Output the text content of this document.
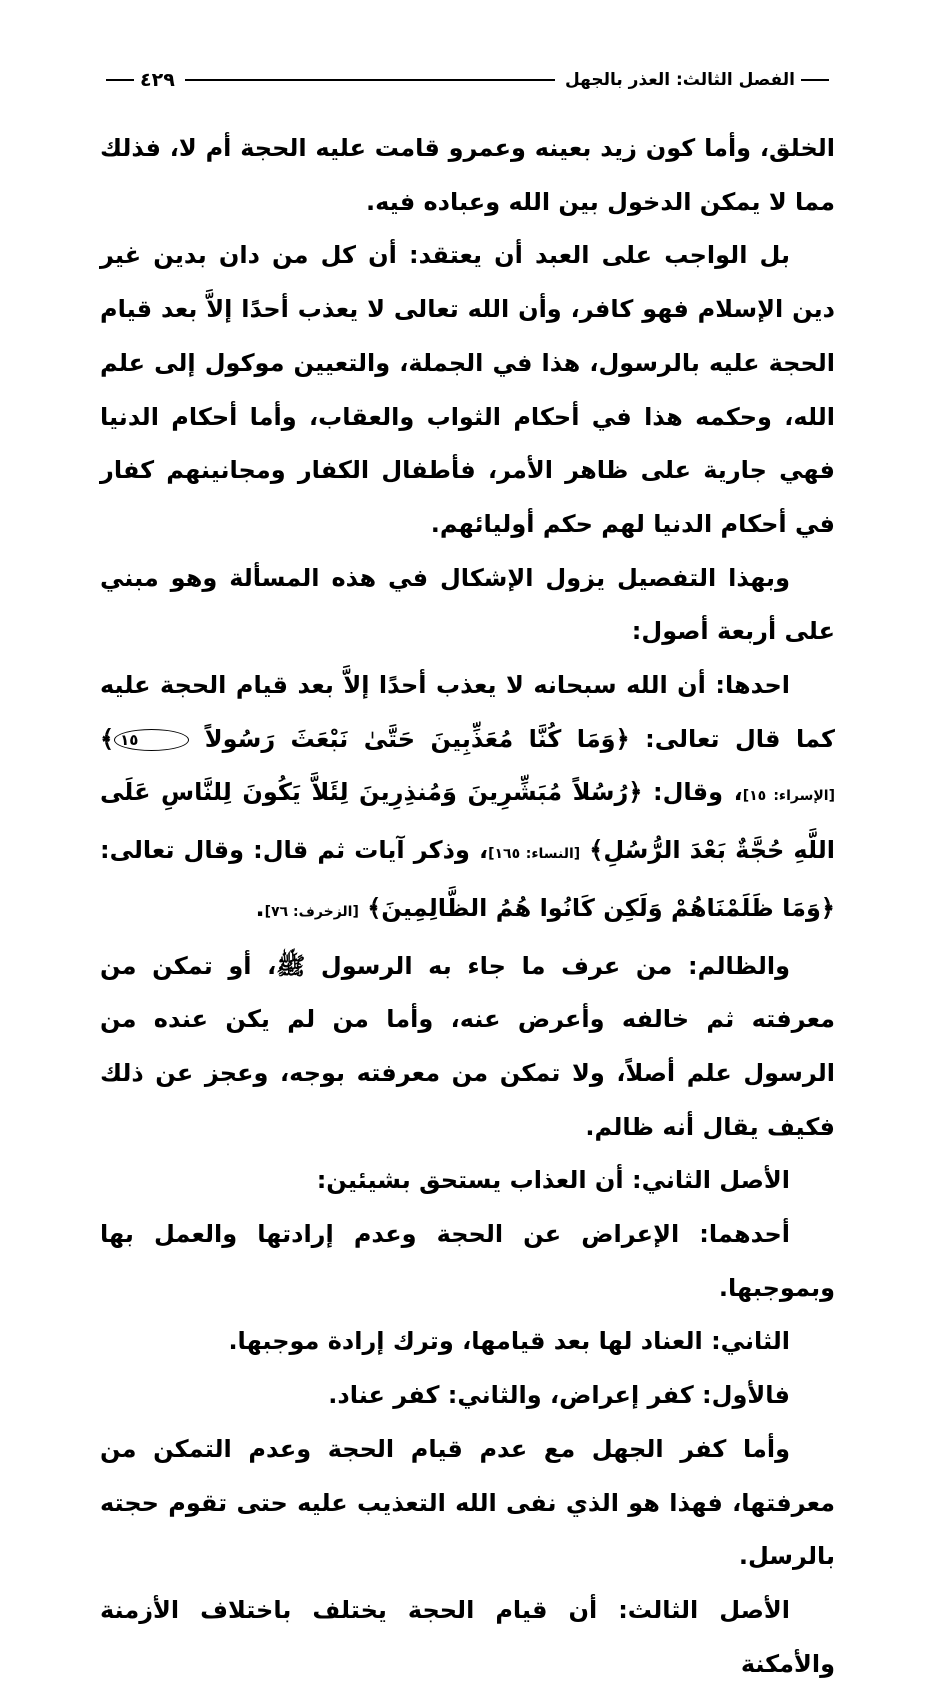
الفصل الثالث: العذر بالجهل
٤٢٩

الخلق، وأما كون زيد بعينه وعمرو قامت عليه الحجة أم لا، فذلك مما لا يمكن الدخول بين الله وعباده فيه.

بل الواجب على العبد أن يعتقد: أن كل من دان بدين غير دين الإسلام فهو كافر، وأن الله تعالى لا يعذب أحدًا إلاَّ بعد قيام الحجة عليه بالرسول، هذا في الجملة، والتعيين موكول إلى علم الله، وحكمه هذا في أحكام الثواب والعقاب، وأما أحكام الدنيا فهي جارية على ظاهر الأمر، فأطفال الكفار ومجانينهم كفار في أحكام الدنيا لهم حكم أوليائهم.

وبهذا التفصيل يزول الإشكال في هذه المسألة وهو مبني على أربعة أصول:

احدها: أن الله سبحانه لا يعذب أحدًا إلاَّ بعد قيام الحجة عليه كما قال تعالى: ﴿وَمَا كُنَّا مُعَذِّبِينَ حَتَّىٰ نَبْعَثَ رَسُولاً ١٥﴾ [الإسراء: ١٥]، وقال: ﴿رُسُلاً مُبَشِّرِينَ وَمُنذِرِينَ لِئَلاَّ يَكُونَ لِلنَّاسِ عَلَى اللَّهِ حُجَّةٌ بَعْدَ الرُّسُلِ﴾ [النساء: ١٦٥]، وذكر آيات ثم قال: وقال تعالى: ﴿وَمَا ظَلَمْنَاهُمْ وَلَكِن كَانُوا هُمُ الظَّالِمِينَ﴾ [الزخرف: ٧٦].

والظالم: من عرف ما جاء به الرسول ﷺ، أو تمكن من معرفته ثم خالفه وأعرض عنه، وأما من لم يكن عنده من الرسول علم أصلاً، ولا تمكن من معرفته بوجه، وعجز عن ذلك فكيف يقال أنه ظالم.

الأصل الثاني: أن العذاب يستحق بشيئين:

أحدهما: الإعراض عن الحجة وعدم إرادتها والعمل بها وبموجبها.

الثاني: العناد لها بعد قيامها، وترك إرادة موجبها.

فالأول: كفر إعراض، والثاني: كفر عناد.

وأما كفر الجهل مع عدم قيام الحجة وعدم التمكن من معرفتها، فهذا هو الذي نفى الله التعذيب عليه حتى تقوم حجته بالرسل.

الأصل الثالث: أن قيام الحجة يختلف باختلاف الأزمنة والأمكنة
